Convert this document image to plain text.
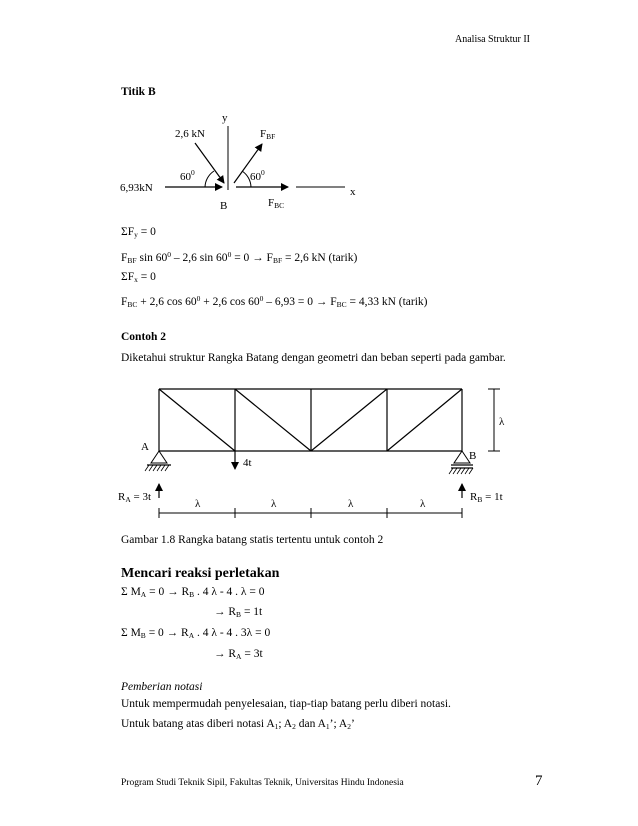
Analisa Struktur II
Titik B
y
x
B
6,93kN
2,6 kN
$60^0$	$60^0$
FBF
FBC
$\Sigma F_y = 0$
$F_{BF}$ $\sin 60^0 - 2,6$ $\sin 60^0 = 0 \to F_{BF} = 2,6$ kN (tarik)
$\Sigma F_x = 0$
$F_{BC} + 2,6$ $\cos 60^0 + 2,6$ $\cos 60^0 - 6,93 = 0 \to F_{BC} = 4,33$ kN (tarik)
Contoh 2
Diketahui struktur Rangka Batang dengan geometri dan beban seperti pada gambar.
λ
4t
A
B
λ	λ	λ	λ
RA = 3t	RB = 1t
Gambar 1.8 Rangka batang statis tertentu untuk contoh 2
Mencari reaksi perletakan
Σ $M_A = 0 \to R_B$ . 4 λ - 4 . λ = 0
→ $R_B = 1t$
Σ $M_B = 0 \to R_A$ . 4 λ - 4 . 3λ = 0
→ $R_A = 3t$
Pemberian notasi
Untuk mempermudah penyelesaian, tiap-tiap batang perlu diberi notasi.
Untuk batang atas diberi notasi $A_1$; $A_2$ dan $A_1$’; $A_2$’
Program Studi Teknik Sipil, Fakultas Teknik, Universitas Hindu Indonesia	7
